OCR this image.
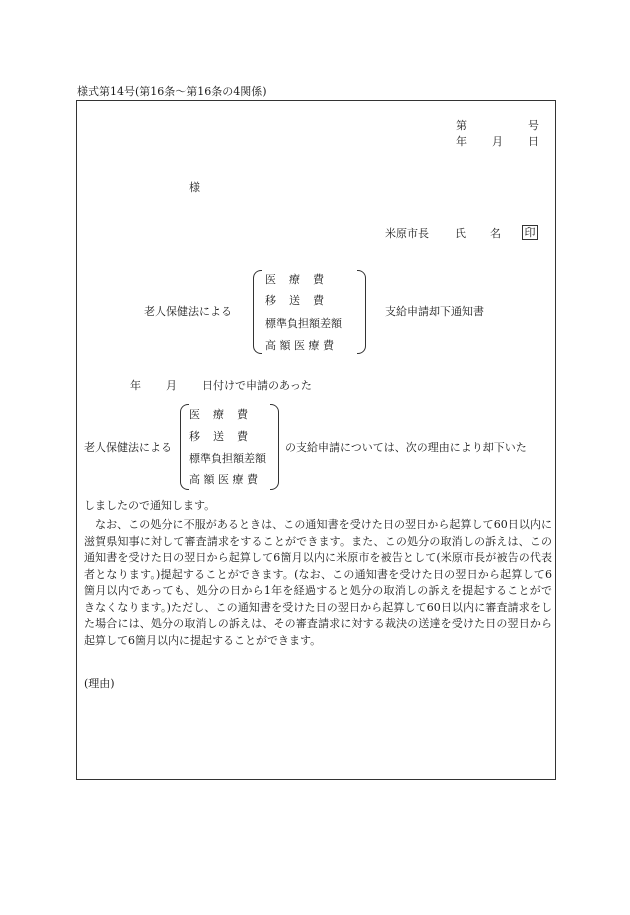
様式第14号(第16条～第16条の4関係)
第	号
年 月 日
様
米原市長 氏 名 印
老人保健法による
医　療　費
移　送　費
標準負担額差額
高 額 医 療 費
支給申請却下通知書
年 月 日付けで申請のあった
老人保健法による
医　療　費
移　送　費
標準負担額差額
高 額 医 療 費
の支給申請については、次の理由により却下いた
しましたので通知します。
なお、この処分に不服があるときは、この通知書を受けた日の翌日から起算して60日以内に滋賀県知事に対して審査請求をすることができます。また、この処分の取消しの訴えは、この通知書を受けた日の翌日から起算して6箇月以内に米原市を被告として(米原市長が被告の代表者となります。)提起することができます。(なお、この通知書を受けた日の翌日から起算して6箇月以内であっても、処分の日から1年を経過すると処分の取消しの訴えを提起することができなくなります。)ただし、この通知書を受けた日の翌日から起算して60日以内に審査請求をした場合には、処分の取消しの訴えは、その審査請求に対する裁決の送達を受けた日の翌日から起算して6箇月以内に提起することができます。
(理由)
